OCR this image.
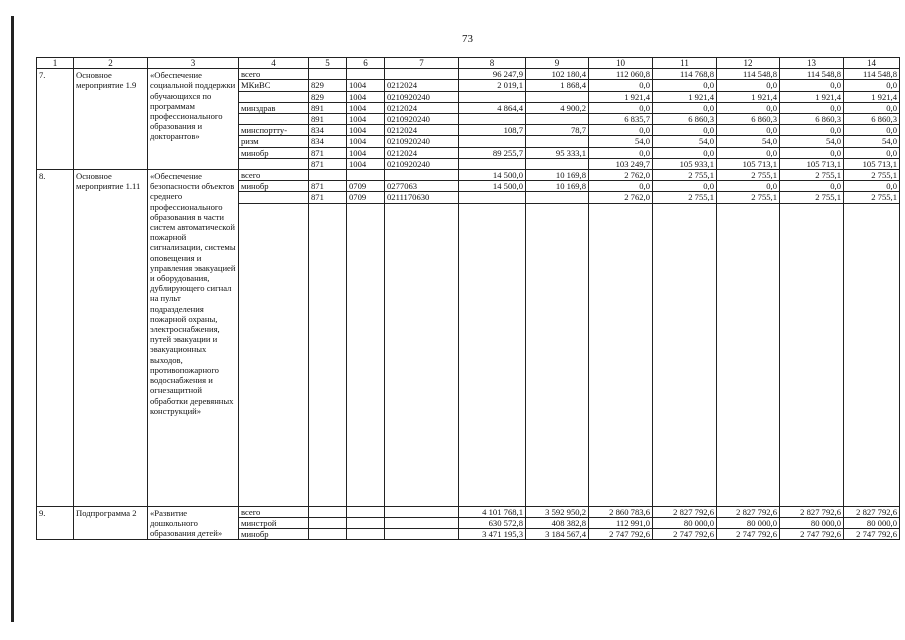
73
1	2	3	4	5	6	7	8	9	10	11	12	13	14
7.	Основное мероприятие 1.9	«Обеспечение социальной поддержки обучающихся по программам профессионального образования и докторантов»	всего				96 247,9	102 180,4	112 060,8	114 768,8	114 548,8	114 548,8	114 548,8
			МКиВС	829	1004	0212024	2 019,1	1 868,4	0,0	0,0	0,0	0,0	0,0
				829	1004	0210920240			1 921,4	1 921,4	1 921,4	1 921,4	1 921,4
			минздрав	891	1004	0212024	4 864,4	4 900,2	0,0	0,0	0,0	0,0	0,0
				891	1004	0210920240			6 835,7	6 860,3	6 860,3	6 860,3	6 860,3
			минспортту-	834	1004	0212024	108,7	78,7	0,0	0,0	0,0	0,0	0,0
			ризм	834	1004	0210920240			54,0	54,0	54,0	54,0	54,0
			минобр	871	1004	0212024	89 255,7	95 333,1	0,0	0,0	0,0	0,0	0,0
				871	1004	0210920240			103 249,7	105 933,1	105 713,1	105 713,1	105 713,1
8.	Основное мероприятие 1.11	«Обеспечение безопасности объектов среднего профессионального образования в части систем автоматической пожарной сигнализации, системы оповещения и управления эвакуацией и оборудования, дублирующего сигнал на пульт подразделения пожарной охраны, электроснабжения, путей эвакуации и эвакуационных выходов, противопожарного водоснабжения и огнезащитной обработки деревянных конструкций»	всего				14 500,0	10 169,8	2 762,0	2 755,1	2 755,1	2 755,1	2 755,1
			минобр	871	0709	0277063	14 500,0	10 169,8	0,0	0,0	0,0	0,0	0,0
				871	0709	0211170630			2 762,0	2 755,1	2 755,1	2 755,1	2 755,1

9.	Подпрограмма 2	«Развитие дошкольного образования детей»	всего				4 101 768,1	3 592 950,2	2 860 783,6	2 827 792,6	2 827 792,6	2 827 792,6	2 827 792,6
			минстрой				630 572,8	408 382,8	112 991,0	80 000,0	80 000,0	80 000,0	80 000,0
			минобр				3 471 195,3	3 184 567,4	2 747 792,6	2 747 792,6	2 747 792,6	2 747 792,6	2 747 792,6
